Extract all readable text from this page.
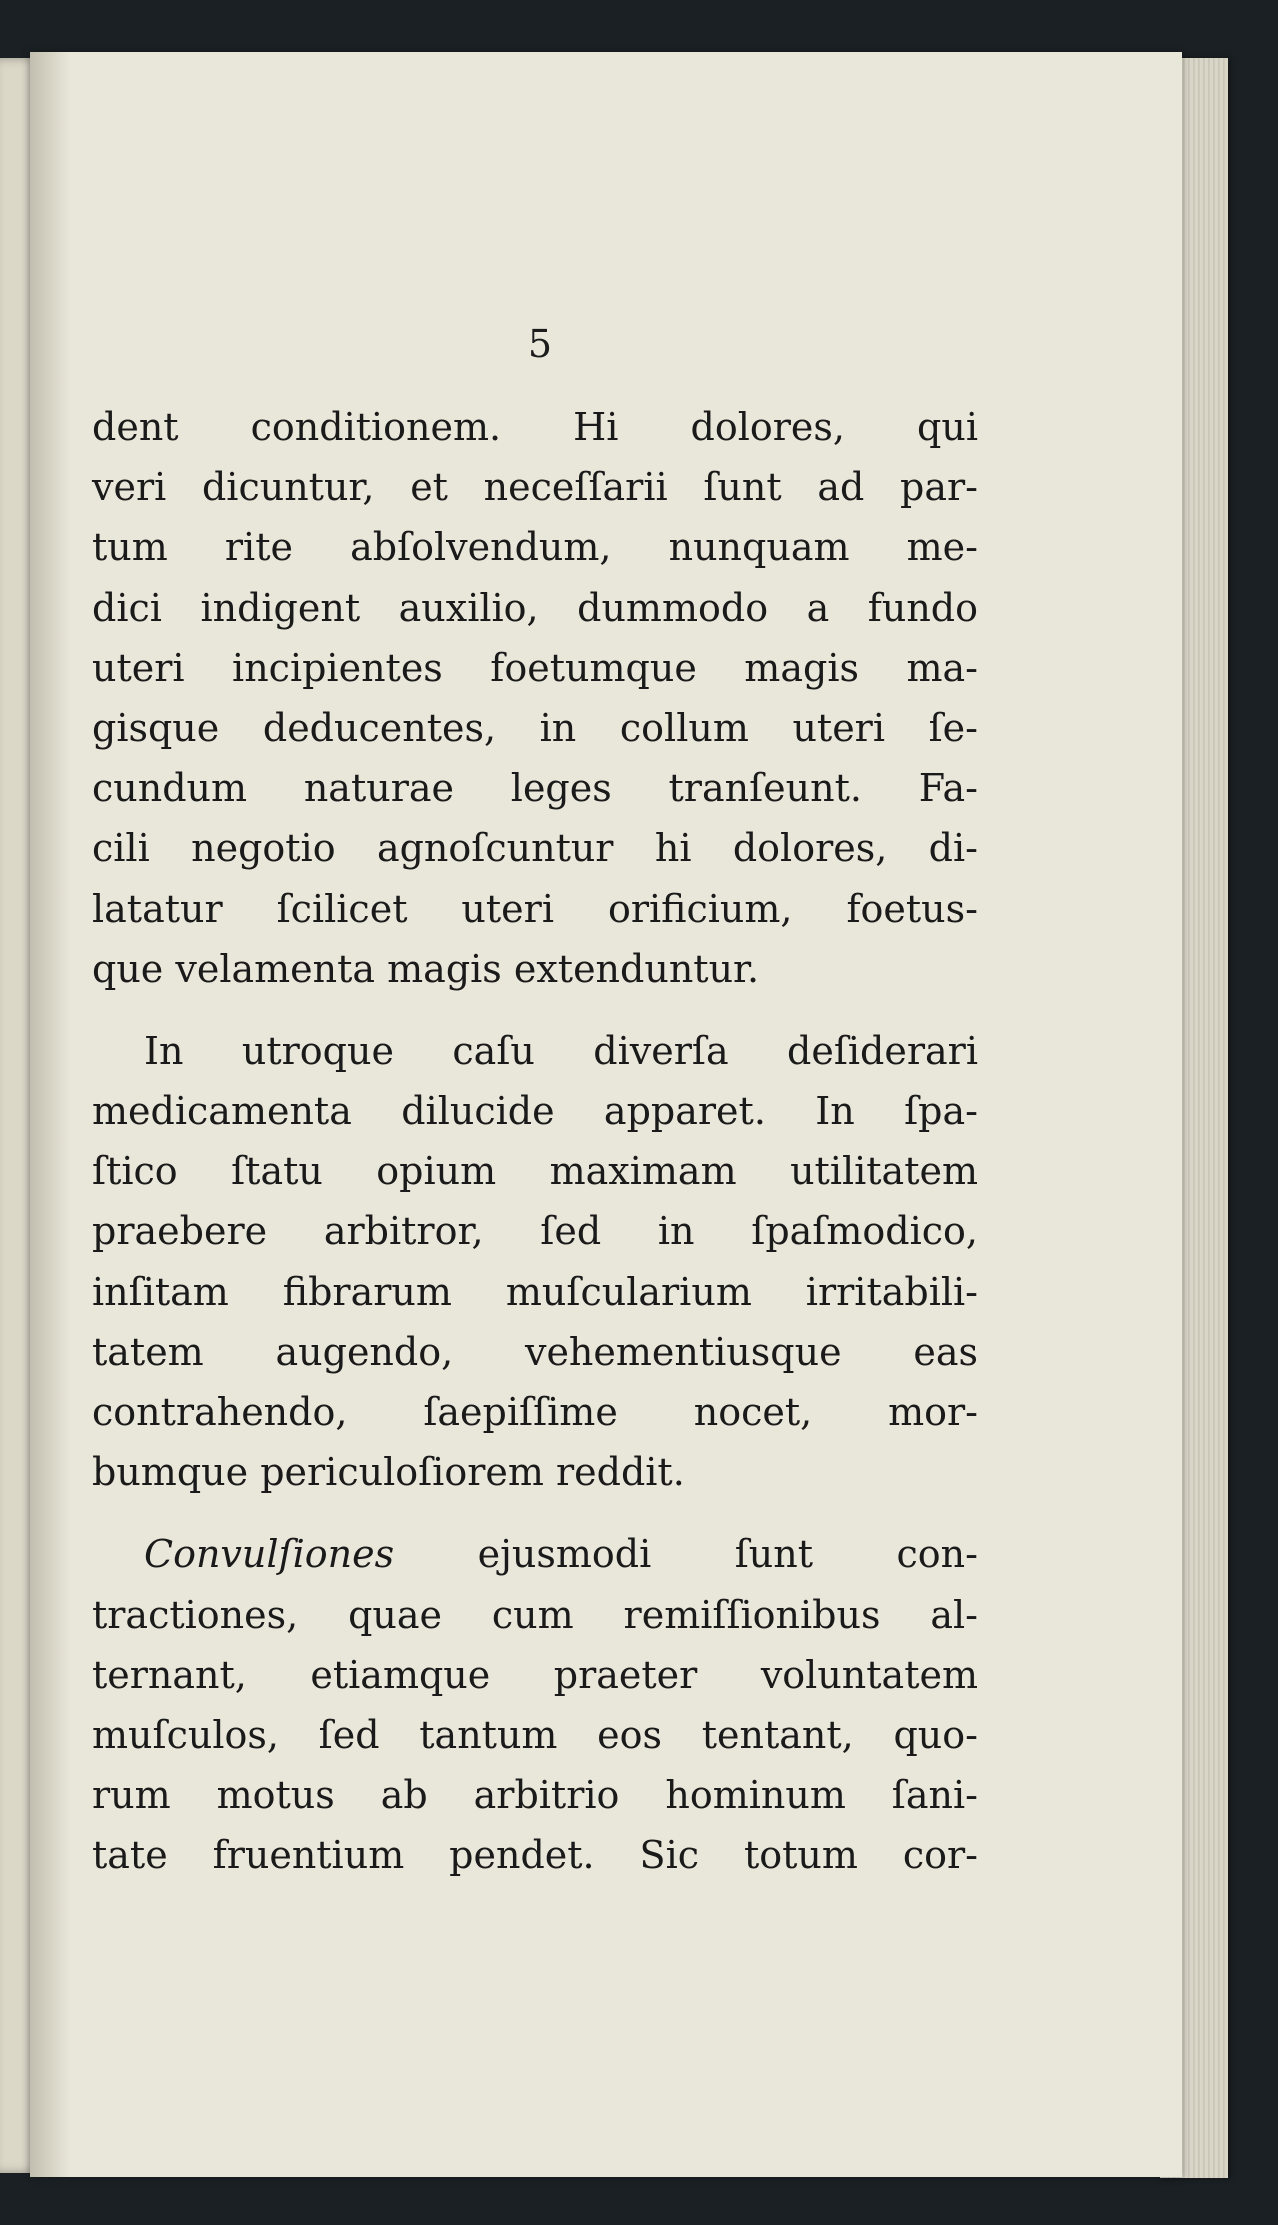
5
dent conditionem. Hi dolores, qui
veri dicuntur, et neceſſarii ſunt ad par-
tum rite abſolvendum, nunquam me-
dici indigent auxilio, dummodo a fundo
uteri incipientes foetumque magis ma-
gisque deducentes, in collum uteri ſe-
cundum naturae leges tranſeunt. Fa-
cili negotio agnoſcuntur hi dolores, di-
latatur ſcilicet uteri orificium, foetus-
que velamenta magis extenduntur.
In utroque caſu diverſa deſiderari
medicamenta dilucide apparet. In ſpa-
ſtico ſtatu opium maximam utilitatem
praebere arbitror, ſed in ſpaſmodico,
inſitam fibrarum muſcularium irritabili-
tatem augendo, vehementiusque eas
contrahendo, ſaepiſſime nocet, mor-
bumque periculoſiorem reddit.
Convulſiones ejusmodi ſunt con-
tractiones, quae cum remiſſionibus al-
ternant, etiamque praeter voluntatem
muſculos, ſed tantum eos tentant, quo-
rum motus ab arbitrio hominum ſani-
tate fruentium pendet. Sic totum cor-
